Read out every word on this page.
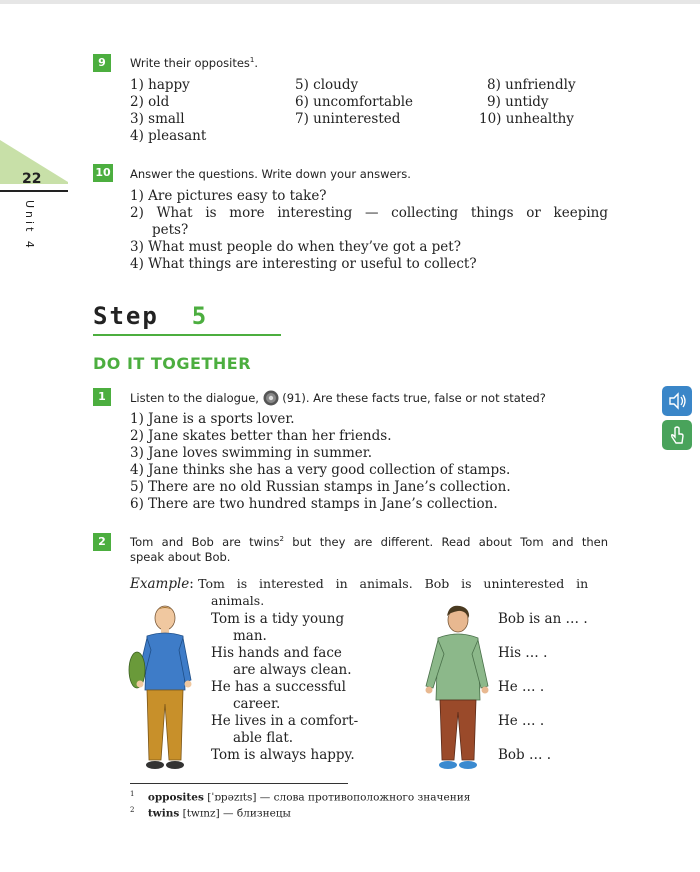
22
Unit 4
9	Write their opposites$^1$.
1) happy
2) old
3) small
4) pleasant
5) cloudy
6) uncomfortable
7) uninterested
8) unfriendly
9) untidy
10) unhealthy
10 Answer the questions. Write down your answers.
1) Are pictures easy to take?
2) What is more interesting — collecting things or keeping
pets?
3) What must people do when they’ve got a pet?
4) What things are interesting or useful to collect?
Step 5
DO IT TOGETHER
1	Listen to the dialogue, (91). Are these facts true, false or not stated?
1) Jane is a sports lover.
2) Jane skates better than her friends.
3) Jane loves swimming in summer.
4) Jane thinks she has a very good collection of stamps.
5) There are no old Russian stamps in Jane’s collection.
6) There are two hundred stamps in Jane’s collection.
2	Tom and Bob are twins$^2$ but they are different. Read about Tom and then
speak about Bob.
Example: Tom is interested in animals. Bob is uninterested in
animals.
Tom is a tidy young
man.
His hands and face
are always clean.
He has a successful
career.
He lives in a comfort-
able flat.
Tom is always happy.
Bob is an … .
His … .
He … .
He … .
Bob … .
$^1$ opposites [ˈɒpəzɪts] — слова противоположного значения
$^2$ twins [twɪnz] — близнецы
